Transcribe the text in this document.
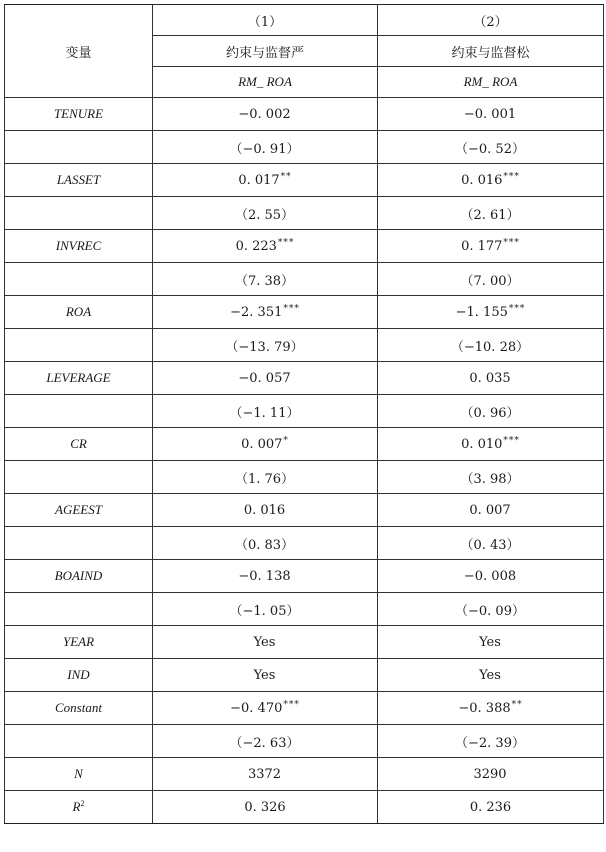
变量	（1）	（2）
	约束与监督严	约束与监督松
	RM_ ROA	RM_ ROA
TENURE	−0. 002	−0. 001
	（−0. 91）	（−0. 52）
LASSET	0. 017**	0. 016***
	（2. 55）	（2. 61）
INVREC	0. 223***	0. 177***
	（7. 38）	（7. 00）
ROA	−2. 351***	−1. 155***
	（−13. 79）	（−10. 28）
LEVERAGE	−0. 057	0. 035
	（−1. 11）	（0. 96）
CR	0. 007*	0. 010***
	（1. 76）	（3. 98）
AGEEST	0. 016	0. 007
	（0. 83）	（0. 43）
BOAIND	−0. 138	−0. 008
	（−1. 05）	（−0. 09）
YEAR	Yes	Yes
IND	Yes	Yes
Constant	−0. 470***	−0. 388**
	（−2. 63）	（−2. 39）
N	3372	3290
$R^2$	0. 326	0. 236
